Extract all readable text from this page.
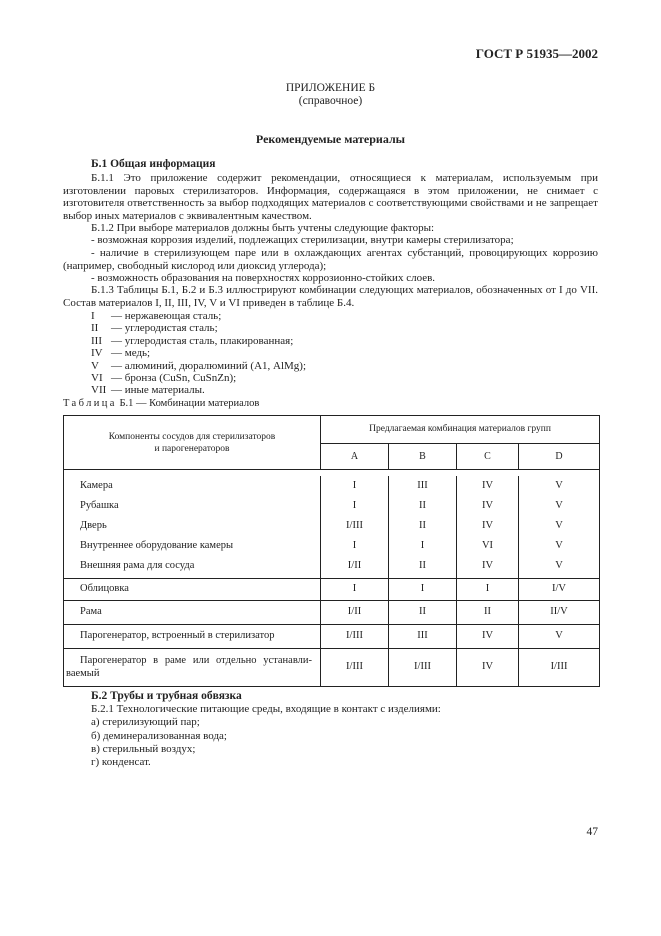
ГОСТ Р 51935—2002
ПРИЛОЖЕНИЕ Б
(справочное)
Рекомендуемые материалы
Б.1 Общая информация
Б.1.1 Это приложение содержит рекомендации, относящиеся к материалам, используемым при изготовлении паровых стерилизаторов. Информация, содержащаяся в этом приложении, не снимает с изготовителя ответственность за выбор подходящих материалов с соответствующими свойствами и не запрещает выбор иных материалов с эквивалентным качеством.
Б.1.2 При выборе материалов должны быть учтены следующие факторы:
- возможная коррозия изделий, подлежащих стерилизации, внутри камеры стерилизатора;
- наличие в стерилизующем паре или в охлаждающих агентах субстанций, провоцирующих коррозию (например, свободный кислород или диоксид углерода);
- возможность образования на поверхностях коррозионно-стойких слоев.
Б.1.3 Таблицы Б.1, Б.2 и Б.3 иллюстрируют комбинации следующих материалов, обозначенных от I до VII. Состав материалов I, II, III, IV, V и VI приведен в таблице Б.4.
I — нержавеющая сталь;
II — углеродистая сталь;
III — углеродистая сталь, плакированная;
IV — медь;
V — алюминий, дюралюминий (А1, AlMg);
VI — бронза (CuSn, CuSnZn);
VII — иные материалы.
Таблица Б.1 — Комбинации материалов
Компоненты сосудов для стерилизаторов
и парогенераторов	Предлагаемая комбинация материалов групп			
	A	B	C	D

Камера	I	III	IV	V
Рубашка	I	II	IV	V
Дверь	I/III	II	IV	V
Внутреннее оборудование камеры	I	I	VI	V
Внешняя рама для сосуда	I/II	II	IV	V
Облицовка	I	I	I	I/V
Рама	I/II	II	II	II/V
Парогенератор, встроенный в стерилизатор	I/III	III	IV	V

Парогенератор в раме или отдельно устанавли-
ваемый	I/III	I/III	IV	I/III
Б.2 Трубы и трубная обвязка
Б.2.1 Технологические питающие среды, входящие в контакт с изделиями:
а) стерилизующий пар;
б) деминерализованная вода;
в) стерильный воздух;
г) конденсат.
47
